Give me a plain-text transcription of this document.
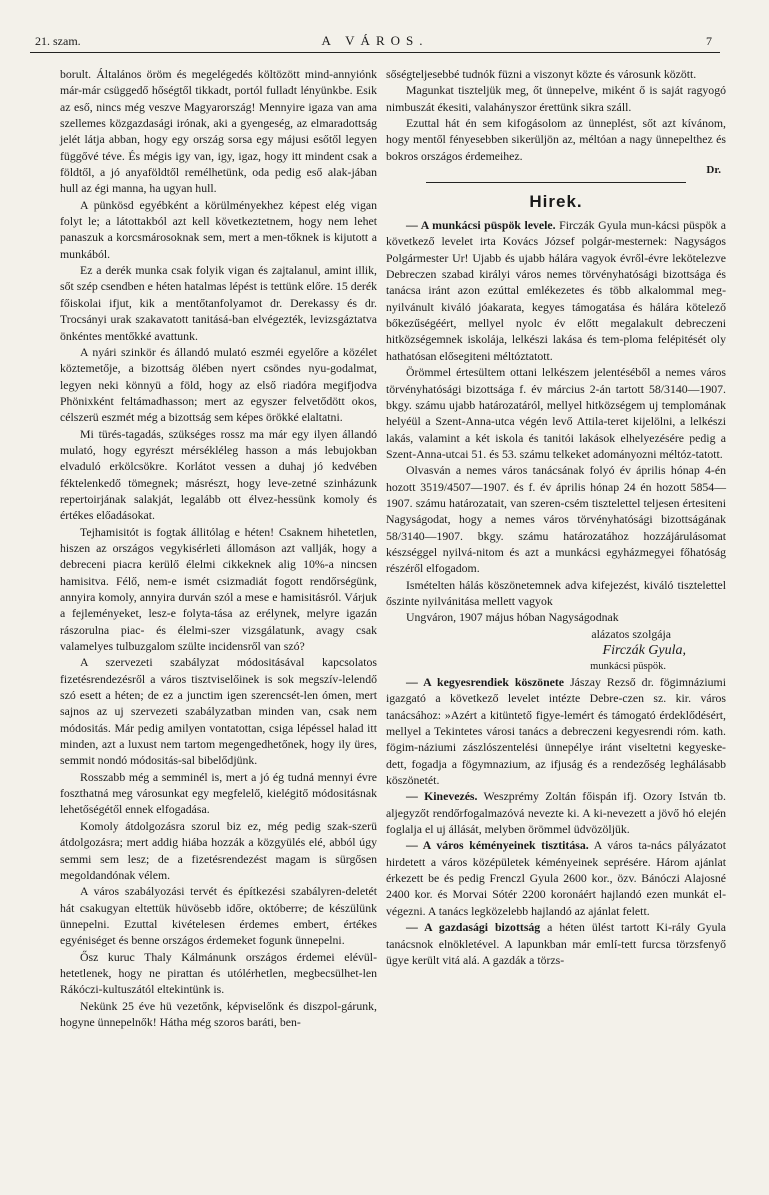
21. szam.	A VÁROS.	7

borult. Általános öröm és megelégedés költözött mind-annyiónk már-már csüggedő hőségtől tikkadt, portól fulladt lényünkbe. Esik az eső, nincs még veszve Magyarország! Mennyire igaza van ama szellemes közgazdasági irónak, aki a gyengeség, az elmaradottság jelét látja abban, hogy egy ország sorsa egy májusi esőtől legyen függővé téve. És mégis igy van, igy, igaz, hogy itt mindent csak a földtől, a jó anyaföldtől remélhetünk, oda pedig eső alak-jában hull az égi manna, ha ugyan hull.

A pünkösd egyébként a körülményekhez képest elég vigan folyt le; a látottakból azt kell következtetnem, hogy nem lehet panaszuk a korcsmárosoknak sem, mert a men-tőknek is kijutott a munkából.

Ez a derék munka csak folyik vigan és zajtalanul, amint illik, sőt szép csendben e héten hatalmas lépést is tettünk előre. 15 derék főiskolai ifjut, kik a mentőtanfolyamot dr. Derekassy és dr. Trocsányi urak szakavatott tanitásá-ban elvégezték, levizsgáztatva önkéntes mentőkké avattunk.

A nyári szinkör és állandó mulató eszméi egyelőre a közélet köztemetője, a bizottság ölében nyert csöndes nyu-godalmat, legyen neki könnyü a föld, hogy az első riadóra megifjodva Phönixként feltámadhasson; mert az egyszer felvetődött okos, célszerü eszmét még a bizottság sem képes örökké elaltatni.

Mi türés-tagadás, szükséges rossz ma már egy ilyen állandó mulató, hogy egyrészt mérsékléleg hasson a más lebujokban elvaduló erkölcsökre. Korlátot vessen a duhaj jó kedvében féktelenkedő tömegnek; másrészt, hogy leve-zetné szinházunk repertoirjának salakját, legalább ott élvez-hessünk komoly és értékes előadásokat.

Tejhamisitót is fogtak állitólag e héten! Csaknem hihetetlen, hiszen az országos vegykisérleti állomáson azt vallják, hogy a debreceni piacra kerülő élelmi cikkeknek alig 10%-a nincsen hamisitva. Félő, nem-e ismét csizmadiát fogott rendőrségünk, annyira komoly, annyira durván szól a mese e hamisitásról. Várjuk a fejleményeket, lesz-e folyta-tása az erélynek, melyre igazán rászorulna piac- és élelmi-szer vizsgálatunk, avagy csak valamelyes tulbuzgalom szülte incidensről van szó?

A szervezeti szabályzat módositásával kapcsolatos fizetésrendezésről a város tisztviselőinek is sok megszív-lelendő szó esett a héten; de ez a junctim igen szerencsét-len ómen, mert sajnos az uj szervezeti szabályzatban minden van, csak nem módositás. Már pedig amilyen vontatottan, csiga lépéssel halad itt minden, azt a luxust nem tartom megengedhetőnek, hogy ily üres, semmit nondó módositás-sal bibelődjünk.

Rosszabb még a semminél is, mert a jó ég tudná mennyi évre foszthatná meg városunkat egy megfelelő, kielégitő módositásnak lehetőségétől ennek elfogadása.

Komoly átdolgozásra szorul biz ez, még pedig szak-szerü átdolgozásra; mert addig hiába hozzák a közgyülés elé, abból úgy semmi sem lesz; de a fizetésrendezést magam is sürgősen megoldandónak vélem.

A város szabályozási tervét és építkezési szabályren-deletét hát csakugyan eltettük hüvösebb időre, októberre; de készülünk ünnepelni. Ezuttal kivételesen érdemes embert, értékes egyéniséget és benne országos érdemeket fogunk ünnepelni.

Ősz kuruc Thaly Kálmánunk országos érdemei elévül-hetetlenek, hogy ne pirattan és utólérhetlen, megbecsülhet-len Rákóczi-kultuszától eltekintünk is.

Nekünk 25 éve hü vezetőnk, képviselőnk és diszpol-gárunk, hogyne ünnepelnők! Hátha még szoros baráti, ben-

sőségteljesebbé tudnók füzni a viszonyt közte és városunk között.

Magunkat tiszteljük meg, őt ünnepelve, miként ő is saját ragyogó nimbuszát ékesiti, valahányszor érettünk sikra száll.

Ezuttal hát én sem kifogásolom az ünneplést, sőt azt kívánom, hogy mentől fényesebben sikerüljön az, méltóan a nagy ünnepelthez és bokros országos érdemeihez.

Dr.

Hirek.

— A munkácsi püspök levele. Firczák Gyula mun-kácsi püspök a következő levelet irta Kovács József polgár-mesternek: Nagyságos Polgármester Ur! Ujabb és ujabb hálára vagyok évről-évre lekötelezve Debreczen szabad királyi város nemes törvényhatósági bizottsága és tanácsa iránt azon ezúttal emlékezetes és több alkalommal meg-nyilvánult kiváló jóakarata, kegyes támogatása és hálára kötelező bőkezűségéért, mellyel nyolc év előtt megalakult debreczeni hitközségemnek iskolája, lelkészi lakása és tem-ploma felépitését oly hathatósan elősegiteni méltóztatott.

Örömmel értesültem ottani lelkészem jelentéséből a nemes város törvényhatósági bizottsága f. év március 2-án tartott 58/3140—1907. bkgy. számu ujabb határozatáról, mellyel hitközségem uj templomának helyéül a Szent-Anna-utca végén levő Attila-teret kijelölni, a lelkészi lakás, valamint a két iskola és tanitói lakások elhelyezésére pedig a Szent-Anna-utcai 51. és 53. számu telkeket adományozni méltóz-tatott.

Olvasván a nemes város tanácsának folyó év április hónap 4-én hozott 3519/4507—1907. és f. év április hónap 24 én hozott 5854—1907. számu határozatait, van szeren-csém tisztelettel teljesen értesiteni Nagyságodat, hogy a nemes város törvényhatósági bizottságának 58/3140—1907. bkgy. számu határozatához hozzájárulásomat készséggel nyilvá-nitom és azt a munkácsi egyházmegyei főhatóság részéről elfogadom.

Ismételten hálás köszönetemnek adva kifejezést, kiváló tisztelettel őszinte nyilvánitása mellett vagyok

Ungváron, 1907 május hóban Nagyságodnak

alázatos szolgája

Firczák Gyula,

munkácsi püspök.

— A kegyesrendiek köszönete Jászay Rezső dr. fögimnáziumi igazgató a következő levelet intézte Debre-czen sz. kir. város tanácsához: »Azért a kitüntető figye-lemért és támogató érdeklődésért, mellyel a Tekintetes városi tanács a debreczeni kegyesrendi róm. kath. fögim-náziumi zászlószentelési ünnepélye iránt viseltetni kegyeske-dett, fogadja a fögymnazium, az ifjuság és a rendezőség leghálásabb köszönetét.

— Kinevezés. Weszprémy Zoltán főispán ifj. Ozory István tb. aljegyzőt rendőrfogalmazóvá nevezte ki. A ki-nevezett a jövő hó elején foglalja el uj állását, melyben örömmel üdvözöljük.

— A város kéményeinek tisztitása. A város ta-nács pályázatot hirdetett a város középületek kéményeinek seprésére. Három ajánlat érkezett be és pedig Frenczl Gyula 2600 kor., özv. Bánóczi Alajosné 2400 kor. és Morvai Sótér 2200 koronáért hajlandó ezen munkát el-végezni. A tanács legközelebb hajlandó az ajánlat felett.

— A gazdasági bizottság a héten ülést tartott Ki-rály Gyula tanácsnok elnökletével. A lapunkban már emlí-tett furcsa törzsfenyő ügye került vitá alá. A gazdák a törzs-
